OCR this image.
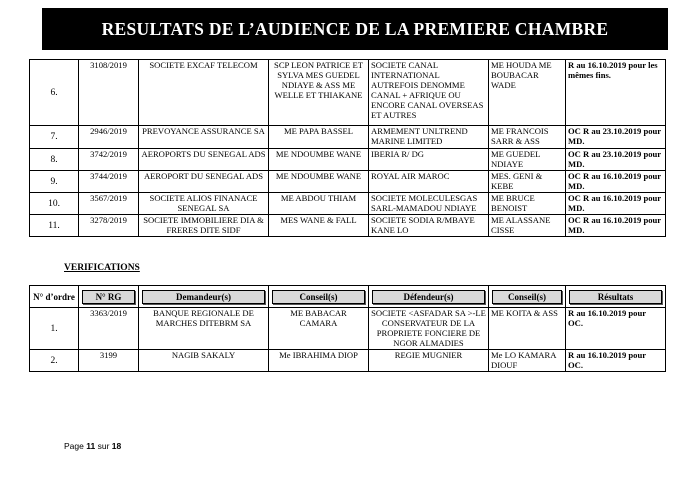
RESULTATS DE L’AUDIENCE DE LA PREMIERE CHAMBRE
6.	3108/2019	SOCIETE EXCAF TELECOM	SCP LEON PATRICE ET SYLVA MES GUEDEL NDIAYE & ASS ME WELLE ET THIAKANE	SOCIETE CANAL INTERNATIONAL AUTREFOIS DENOMME CANAL + AFRIQUE OU ENCORE CANAL OVERSEAS ET AUTRES	ME HOUDA ME BOUBACAR WADE	R au 16.10.2019 pour les mêmes fins.
7.	2946/2019	PREVOYANCE ASSURANCE SA	ME PAPA BASSEL	ARMEMENT UNLTREND MARINE LIMITED	ME FRANCOIS SARR & ASS	OC R au 23.10.2019 pour MD.
8.	3742/2019	AEROPORTS DU SENEGAL ADS	ME NDOUMBE WANE	IBERIA R/ DG	ME GUEDEL NDIAYE	OC R au 23.10.2019 pour MD.
9.	3744/2019	AEROPORT DU SENEGAL ADS	ME NDOUMBE WANE	ROYAL AIR MAROC	MES. GENI & KEBE	OC R au 16.10.2019 pour MD.
10.	3567/2019	SOCIETE ALIOS FINANACE SENEGAL SA	ME ABDOU THIAM	SOCIETE MOLECULESGAS SARL-MAMADOU NDIAYE	ME BRUCE BENOIST	OC R au 16.10.2019 pour MD.
11.	3278/2019	SOCIETE IMMOBILIERE DIA & FRERES DITE SIDF	MES WANE & FALL	SOCIETE SODIA R/MBAYE KANE LO	ME ALASSANE CISSE	OC R au 16.10.2019 pour MD.
VERIFICATIONS
N° d’ordre	N° RG	Demandeur(s)	Conseil(s)	Défendeur(s)	Conseil(s)	Résultats

1.	3363/2019	BANQUE REGIONALE DE MARCHES DITEBRM SA	ME BABACAR CAMARA	SOCIETE <ASFADAR SA >-LE CONSERVATEUR DE LA PROPRIETE FONCIERE DE NGOR ALMADIES	ME KOITA & ASS	R au 16.10.2019 pour OC.
2.	3199	NAGIB SAKALY	Me IBRAHIMA DIOP	REGIE MUGNIER	Me LO KAMARA DIOUF	R au 16.10.2019 pour OC.
Page 11 sur 18
